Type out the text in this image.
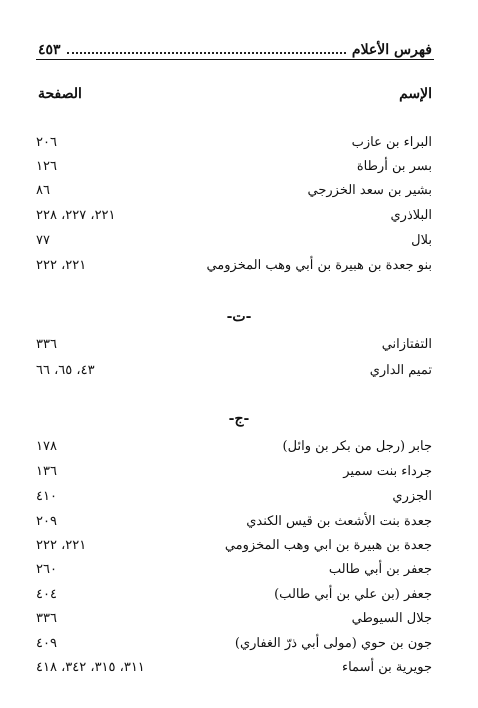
٤٥٣	فهرس الأعلام
الصفحة	الإسم
٢٠٦	البراء بن عازب
١٢٦	بسر بن أرطاة
٨٦	بشير بن سعد الخزرجي
٢٢١، ٢٢٧، ٢٢٨	البلاذري
٧٧	بلال
٢٢١، ٢٢٢	بنو جعدة بن هبيرة بن أبي وهب المخزومي
-ت-
٣٣٦	التفتازاني
٤٣، ٦٥، ٦٦	تميم الداري
-ج-
١٧٨	جابر (رجل من بكر بن وائل)
١٣٦	جرداء بنت سمير
٤١٠	الجزري
٢٠٩	جعدة بنت الأشعث بن قيس الكندي
٢٢١، ٢٢٢	جعدة بن هبيرة بن ابي وهب المخزومي
٢٦٠	جعفر بن أبي طالب
٤٠٤	جعفر (بن علي بن أبي طالب)
٣٣٦	جلال السيوطي
٤٠٩	جون بن حوي (مولى أبي ذرّ الغفاري)
٣١١، ٣١٥، ٣٤٢، ٤١٨	جويرية بن أسماء
